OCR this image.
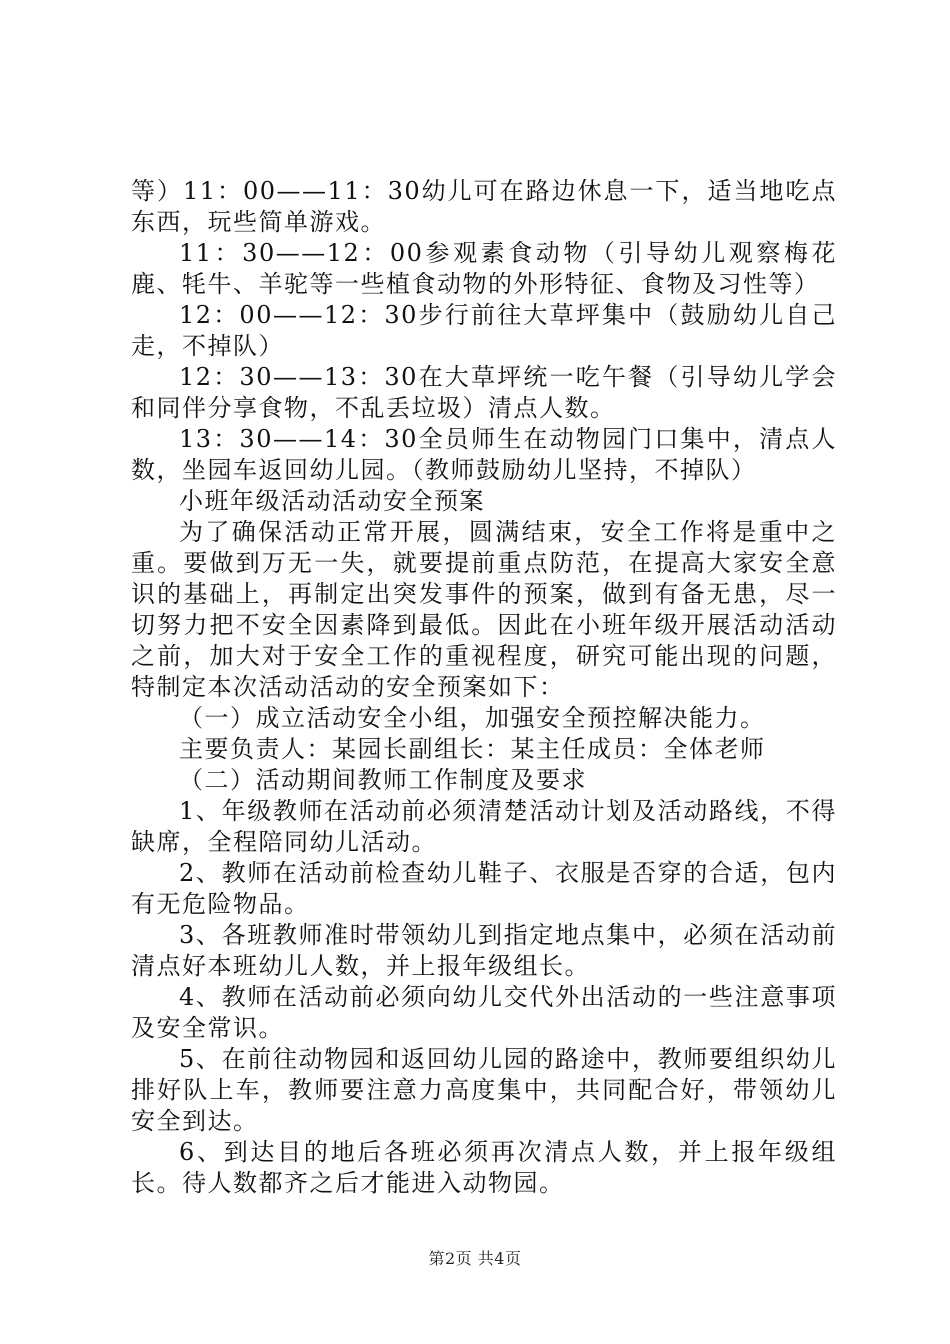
等）11：00——11：30幼儿可在路边休息一下，适当地吃点东西，玩些简单游戏。

11：30——12：00参观素食动物（引导幼儿观察梅花鹿、牦牛、羊驼等一些植食动物的外形特征、食物及习性等）

12：00——12：30步行前往大草坪集中（鼓励幼儿自己走，不掉队）

12：30——13：30在大草坪统一吃午餐（引导幼儿学会和同伴分享食物，不乱丢垃圾）清点人数。

13：30——14：30全员师生在动物园门口集中，清点人数，坐园车返回幼儿园。（教师鼓励幼儿坚持，不掉队）

小班年级活动活动安全预案

为了确保活动正常开展，圆满结束，安全工作将是重中之重。要做到万无一失，就要提前重点防范，在提高大家安全意识的基础上，再制定出突发事件的预案，做到有备无患，尽一切努力把不安全因素降到最低。因此在小班年级开展活动活动之前，加大对于安全工作的重视程度，研究可能出现的问题，特制定本次活动活动的安全预案如下：

（一）成立活动安全小组，加强安全预控解决能力。

主要负责人：某园长副组长：某主任成员：全体老师

（二）活动期间教师工作制度及要求

1、年级教师在活动前必须清楚活动计划及活动路线，不得缺席，全程陪同幼儿活动。

2、教师在活动前检查幼儿鞋子、衣服是否穿的合适，包内有无危险物品。

3、各班教师准时带领幼儿到指定地点集中，必须在活动前清点好本班幼儿人数，并上报年级组长。

4、教师在活动前必须向幼儿交代外出活动的一些注意事项及安全常识。

5、在前往动物园和返回幼儿园的路途中，教师要组织幼儿排好队上车，教师要注意力高度集中，共同配合好，带领幼儿安全到达。

6、到达目的地后各班必须再次清点人数，并上报年级组长。待人数都齐之后才能进入动物园。

第2页 共4页
